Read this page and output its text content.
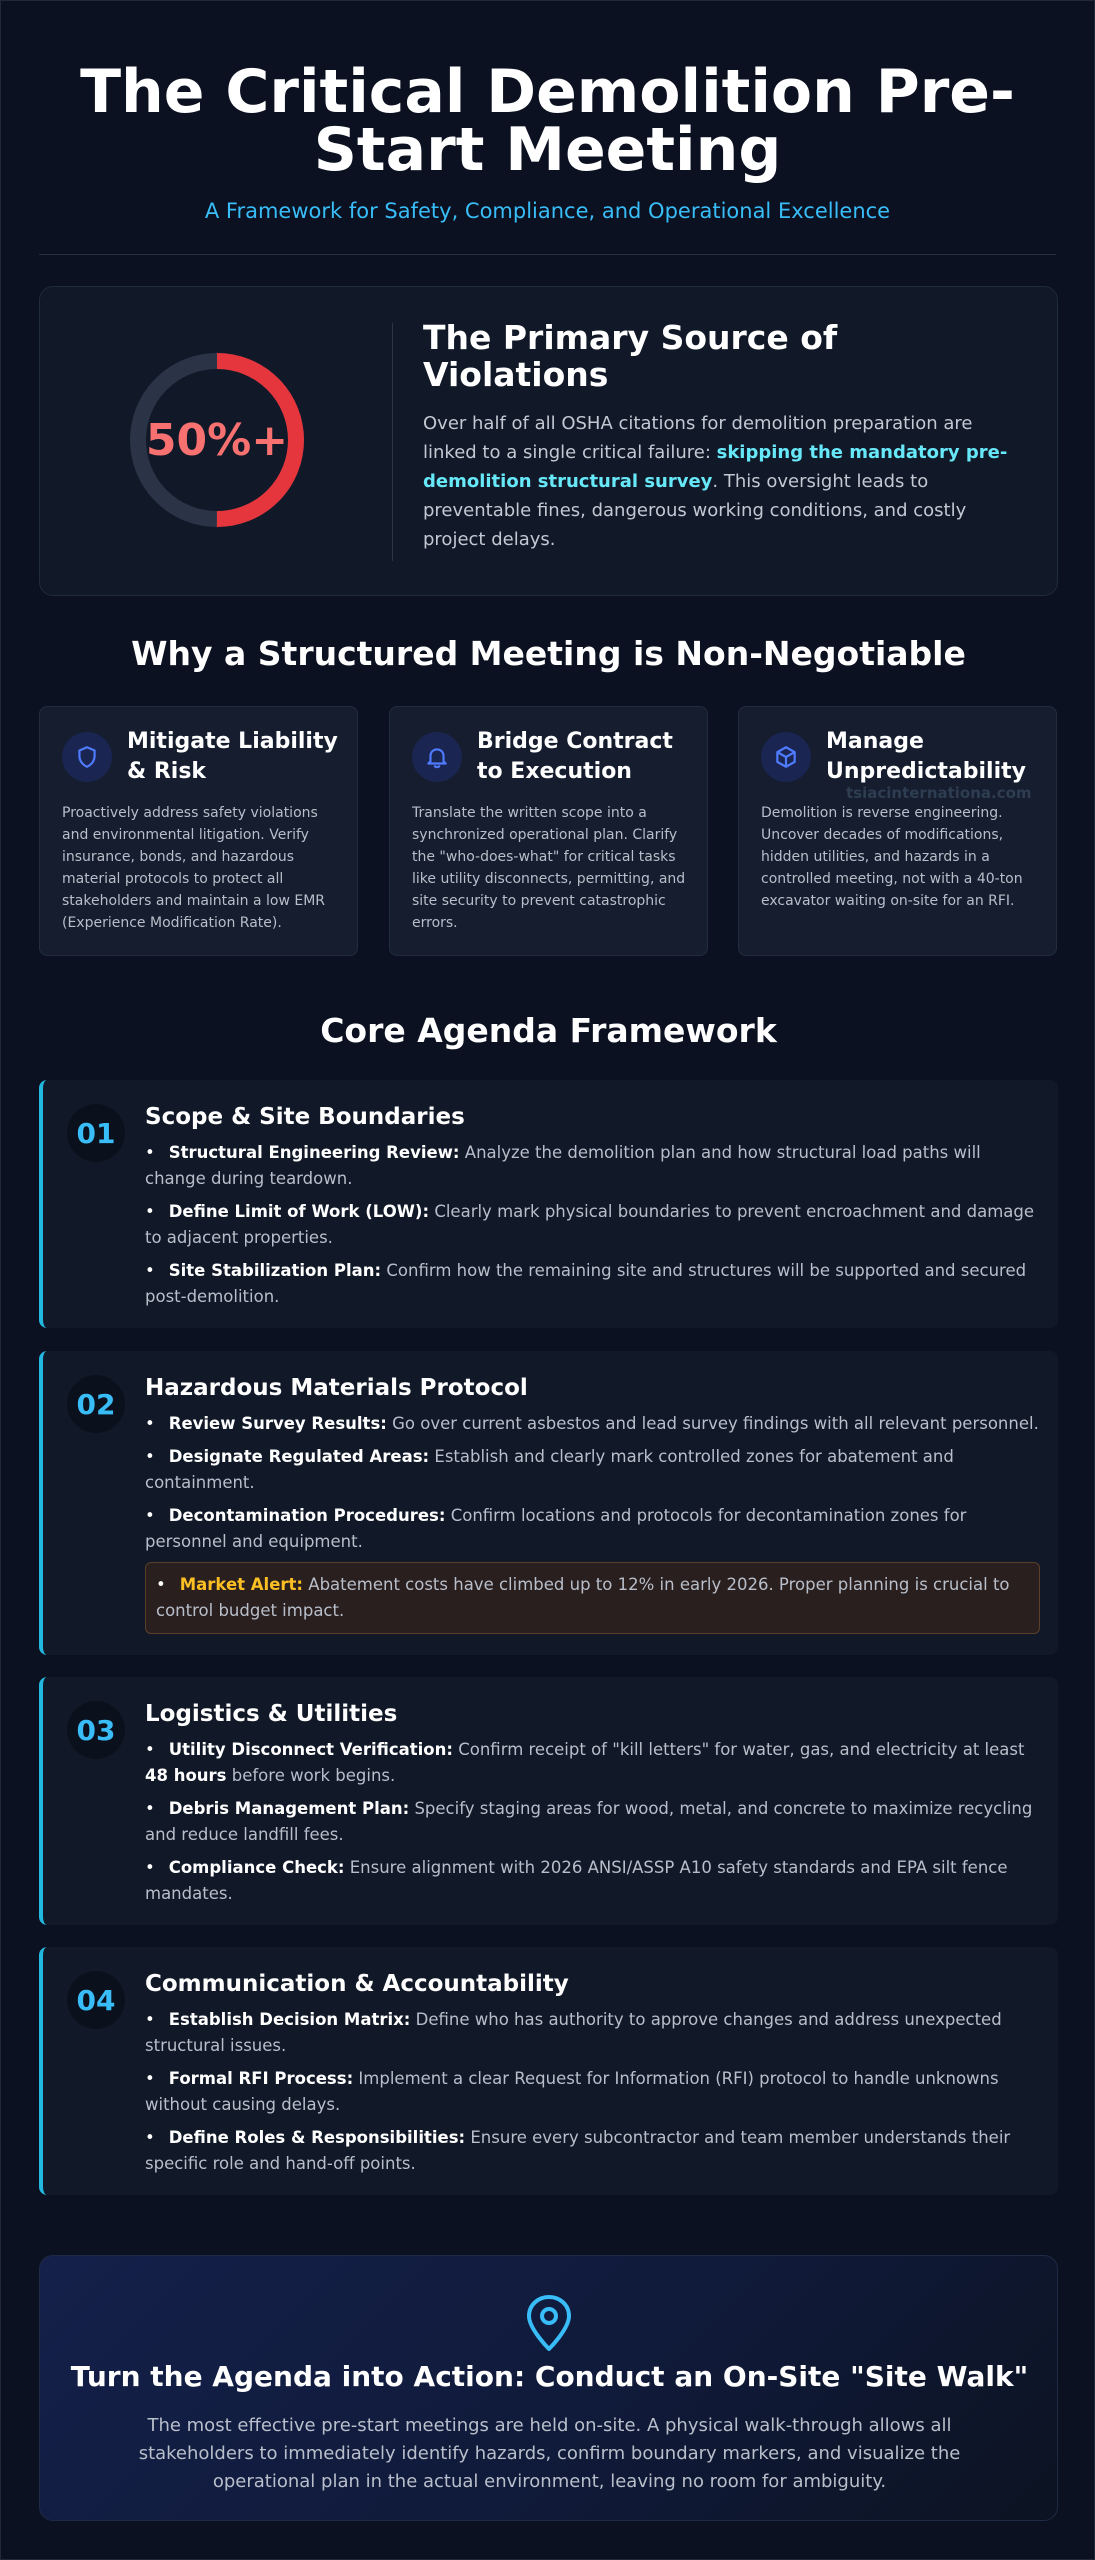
The Critical Demolition Pre-Start Meeting
A Framework for Safety, Compliance, and Operational Excellence
50%+
The Primary Source of Violations
Over half of all OSHA citations for demolition preparation are linked to a single critical failure: skipping the mandatory pre-demolition structural survey. This oversight leads to preventable fines, dangerous working conditions, and costly project delays.
Why a Structured Meeting is Non-Negotiable
Mitigate Liability & Risk
Proactively address safety violations and environmental litigation. Verify insurance, bonds, and hazardous material protocols to protect all stakeholders and maintain a low EMR (Experience Modification Rate).
Bridge Contract to Execution
Translate the written scope into a synchronized operational plan. Clarify the "who-does-what" for critical tasks like utility disconnects, permitting, and site security to prevent catastrophic errors.
Manage Unpredictability
Demolition is reverse engineering. Uncover decades of modifications, hidden utilities, and hazards in a controlled meeting, not with a 40-ton excavator waiting on-site for an RFI.
tsiacinternationa.com
Core Agenda Framework
01	Scope & Site Boundaries
• Structural Engineering Review: Analyze the demolition plan and how structural load paths will change during teardown.
• Define Limit of Work (LOW): Clearly mark physical boundaries to prevent encroachment and damage to adjacent properties.
• Site Stabilization Plan: Confirm how the remaining site and structures will be supported and secured post-demolition.
02	Hazardous Materials Protocol
• Review Survey Results: Go over current asbestos and lead survey findings with all relevant personnel.
• Designate Regulated Areas: Establish and clearly mark controlled zones for abatement and containment.
• Decontamination Procedures: Confirm locations and protocols for decontamination zones for personnel and equipment.
• Market Alert: Abatement costs have climbed up to 12% in early 2026. Proper planning is crucial to control budget impact.
03	Logistics & Utilities
• Utility Disconnect Verification: Confirm receipt of "kill letters" for water, gas, and electricity at least 48 hours before work begins.
• Debris Management Plan: Specify staging areas for wood, metal, and concrete to maximize recycling and reduce landfill fees.
• Compliance Check: Ensure alignment with 2026 ANSI/ASSP A10 safety standards and EPA silt fence mandates.
04	Communication & Accountability
• Establish Decision Matrix: Define who has authority to approve changes and address unexpected structural issues.
• Formal RFI Process: Implement a clear Request for Information (RFI) protocol to handle unknowns without causing delays.
• Define Roles & Responsibilities: Ensure every subcontractor and team member understands their specific role and hand-off points.
Turn the Agenda into Action: Conduct an On-Site "Site Walk"
The most effective pre-start meetings are held on-site. A physical walk-through allows all stakeholders to immediately identify hazards, confirm boundary markers, and visualize the operational plan in the actual environment, leaving no room for ambiguity.
